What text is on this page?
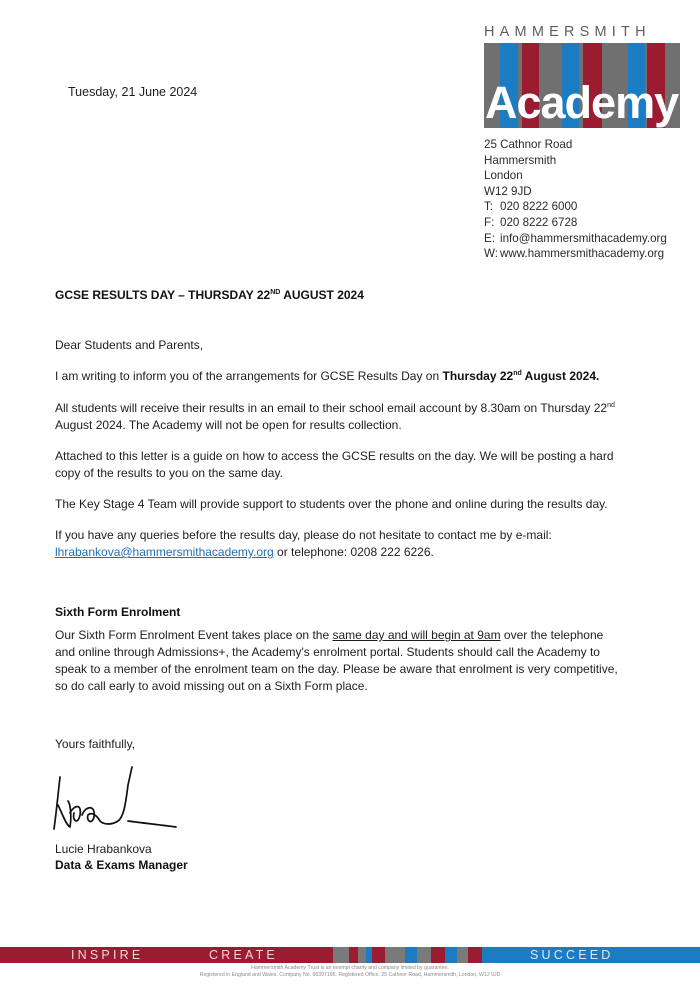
HAMMERSMITH
Academy
25 Cathnor Road
Hammersmith
London
W12 9JD
T: 020 8222 6000
F: 020 8222 6728
E: info@hammersmithacademy.org
W: www.hammersmithacademy.org
Tuesday, 21 June 2024
GCSE RESULTS DAY – THURSDAY 22ND AUGUST 2024
Dear Students and Parents,

I am writing to inform you of the arrangements for GCSE Results Day on Thursday 22nd August 2024.

All students will receive their results in an email to their school email account by 8.30am on Thursday 22nd August 2024. The Academy will not be open for results collection.

Attached to this letter is a guide on how to access the GCSE results on the day. We will be posting a hard copy of the results to you on the same day.
The Key Stage 4 Team will provide support to students over the phone and online during the results day.

If you have any queries before the results day, please do not hesitate to contact me by e-mail: lhrabankova@hammersmithacademy.org or telephone: 0208 222 6226.

Sixth Form Enrolment

Our Sixth Form Enrolment Event takes place on the same day and will begin at 9am over the telephone and online through Admissions+, the Academy's enrolment portal. Students should call the Academy to speak to a member of the enrolment team on the day. Please be aware that enrolment is very competitive, so do call early to avoid missing out on a Sixth Form place.

Yours faithfully,
Lucie Hrabankova
Data & Exams Manager
INSPIRE	CREATE	SUCCEED
Hammersmith Academy Trust is an exempt charity and company limited by guarantee.
Registered in England and Wales. Company No. 06397195. Registered Office: 25 Cathnor Road, Hammersmith, London, W12 9JD
